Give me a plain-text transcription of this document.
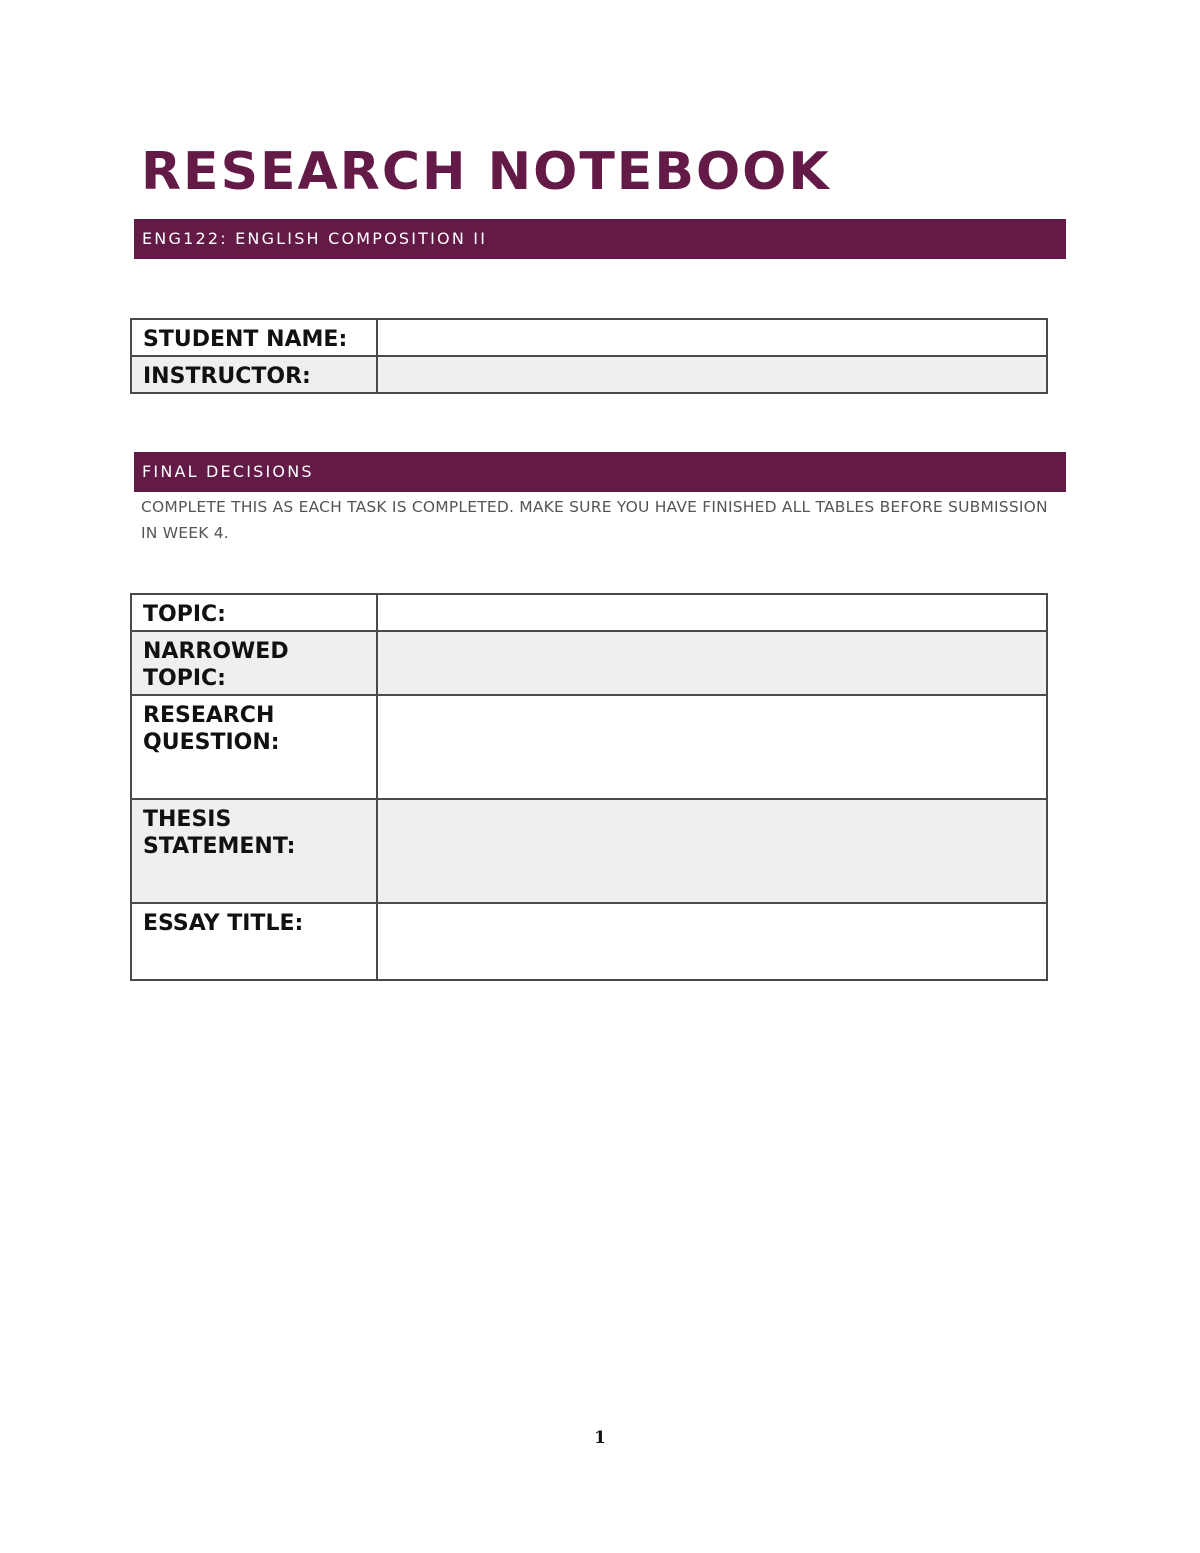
RESEARCH NOTEBOOK
ENG122: ENGLISH COMPOSITION II
STUDENT NAME:	
INSTRUCTOR:	
FINAL DECISIONS

COMPLETE THIS AS EACH TASK IS COMPLETED. MAKE SURE YOU HAVE FINISHED ALL TABLES BEFORE SUBMISSION IN WEEK 4.

TOPIC:	
NARROWED TOPIC:	
RESEARCH QUESTION:	
THESIS STATEMENT:	
ESSAY TITLE:	
1
